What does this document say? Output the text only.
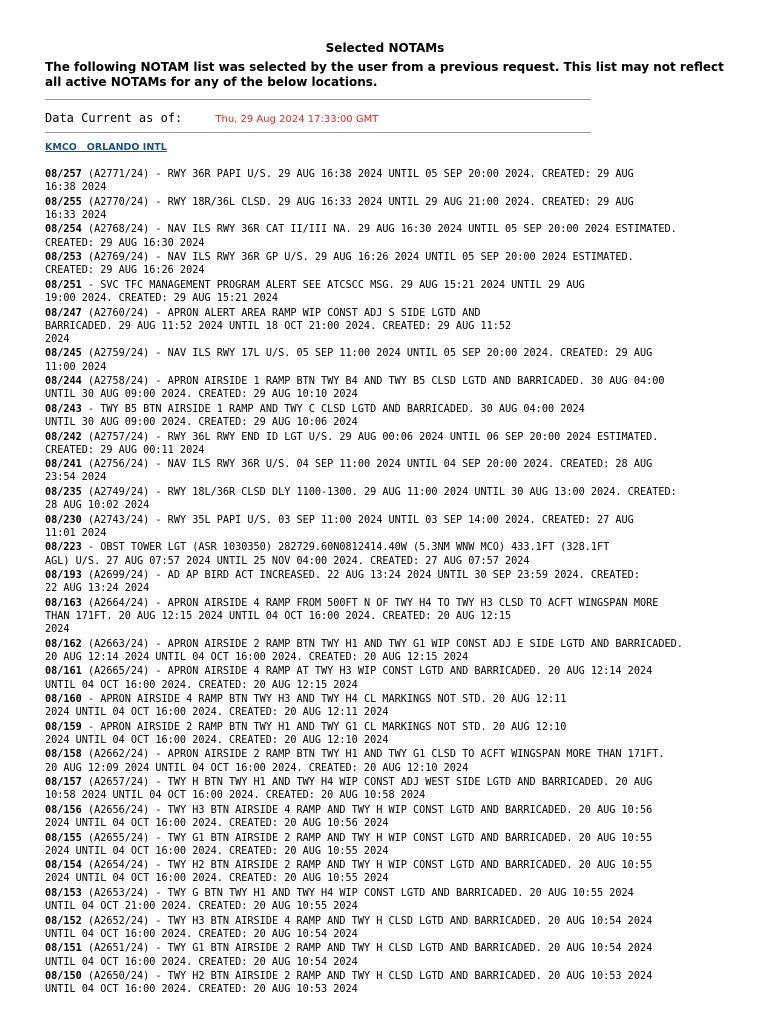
Selected NOTAMs
The following NOTAM list was selected by the user from a previous request. This list may not reflect all active NOTAMs for any of the below locations.
Data Current as of:	Thu, 29 Aug 2024 17:33:00 GMT
KMCO   ORLANDO INTL
08/257 (A2771/24) - RWY 36R PAPI U/S. 29 AUG 16:38 2024 UNTIL 05 SEP 20:00 2024. CREATED: 29 AUG
16:38 2024
08/255 (A2770/24) - RWY 18R/36L CLSD. 29 AUG 16:33 2024 UNTIL 29 AUG 21:00 2024. CREATED: 29 AUG
16:33 2024
08/254 (A2768/24) - NAV ILS RWY 36R CAT II/III NA. 29 AUG 16:30 2024 UNTIL 05 SEP 20:00 2024 ESTIMATED.
CREATED: 29 AUG 16:30 2024
08/253 (A2769/24) - NAV ILS RWY 36R GP U/S. 29 AUG 16:26 2024 UNTIL 05 SEP 20:00 2024 ESTIMATED.
CREATED: 29 AUG 16:26 2024
08/251 - SVC TFC MANAGEMENT PROGRAM ALERT SEE ATCSCC MSG. 29 AUG 15:21 2024 UNTIL 29 AUG
19:00 2024. CREATED: 29 AUG 15:21 2024
08/247 (A2760/24) - APRON ALERT AREA RAMP WIP CONST ADJ S SIDE LGTD AND
BARRICADED. 29 AUG 11:52 2024 UNTIL 18 OCT 21:00 2024. CREATED: 29 AUG 11:52
2024
08/245 (A2759/24) - NAV ILS RWY 17L U/S. 05 SEP 11:00 2024 UNTIL 05 SEP 20:00 2024. CREATED: 29 AUG
11:00 2024
08/244 (A2758/24) - APRON AIRSIDE 1 RAMP BTN TWY B4 AND TWY B5 CLSD LGTD AND BARRICADED. 30 AUG 04:00
UNTIL 30 AUG 09:00 2024. CREATED: 29 AUG 10:10 2024
08/243 - TWY B5 BTN AIRSIDE 1 RAMP AND TWY C CLSD LGTD AND BARRICADED. 30 AUG 04:00 2024
UNTIL 30 AUG 09:00 2024. CREATED: 29 AUG 10:06 2024
08/242 (A2757/24) - RWY 36L RWY END ID LGT U/S. 29 AUG 00:06 2024 UNTIL 06 SEP 20:00 2024 ESTIMATED.
CREATED: 29 AUG 00:11 2024
08/241 (A2756/24) - NAV ILS RWY 36R U/S. 04 SEP 11:00 2024 UNTIL 04 SEP 20:00 2024. CREATED: 28 AUG
23:54 2024
08/235 (A2749/24) - RWY 18L/36R CLSD DLY 1100-1300. 29 AUG 11:00 2024 UNTIL 30 AUG 13:00 2024. CREATED:
28 AUG 10:02 2024
08/230 (A2743/24) - RWY 35L PAPI U/S. 03 SEP 11:00 2024 UNTIL 03 SEP 14:00 2024. CREATED: 27 AUG
11:01 2024
08/223 - OBST TOWER LGT (ASR 1030350) 282729.60N0812414.40W (5.3NM WNW MCO) 433.1FT (328.1FT
AGL) U/S. 27 AUG 07:57 2024 UNTIL 25 NOV 04:00 2024. CREATED: 27 AUG 07:57 2024
08/193 (A2699/24) - AD AP BIRD ACT INCREASED. 22 AUG 13:24 2024 UNTIL 30 SEP 23:59 2024. CREATED:
22 AUG 13:24 2024
08/163 (A2664/24) - APRON AIRSIDE 4 RAMP FROM 500FT N OF TWY H4 TO TWY H3 CLSD TO ACFT WINGSPAN MORE
THAN 171FT. 20 AUG 12:15 2024 UNTIL 04 OCT 16:00 2024. CREATED: 20 AUG 12:15
2024
08/162 (A2663/24) - APRON AIRSIDE 2 RAMP BTN TWY H1 AND TWY G1 WIP CONST ADJ E SIDE LGTD AND BARRICADED.
20 AUG 12:14 2024 UNTIL 04 OCT 16:00 2024. CREATED: 20 AUG 12:15 2024
08/161 (A2665/24) - APRON AIRSIDE 4 RAMP AT TWY H3 WIP CONST LGTD AND BARRICADED. 20 AUG 12:14 2024
UNTIL 04 OCT 16:00 2024. CREATED: 20 AUG 12:15 2024
08/160 - APRON AIRSIDE 4 RAMP BTN TWY H3 AND TWY H4 CL MARKINGS NOT STD. 20 AUG 12:11
2024 UNTIL 04 OCT 16:00 2024. CREATED: 20 AUG 12:11 2024
08/159 - APRON AIRSIDE 2 RAMP BTN TWY H1 AND TWY G1 CL MARKINGS NOT STD. 20 AUG 12:10
2024 UNTIL 04 OCT 16:00 2024. CREATED: 20 AUG 12:10 2024
08/158 (A2662/24) - APRON AIRSIDE 2 RAMP BTN TWY H1 AND TWY G1 CLSD TO ACFT WINGSPAN MORE THAN 171FT.
20 AUG 12:09 2024 UNTIL 04 OCT 16:00 2024. CREATED: 20 AUG 12:10 2024
08/157 (A2657/24) - TWY H BTN TWY H1 AND TWY H4 WIP CONST ADJ WEST SIDE LGTD AND BARRICADED. 20 AUG
10:58 2024 UNTIL 04 OCT 16:00 2024. CREATED: 20 AUG 10:58 2024
08/156 (A2656/24) - TWY H3 BTN AIRSIDE 4 RAMP AND TWY H WIP CONST LGTD AND BARRICADED. 20 AUG 10:56
2024 UNTIL 04 OCT 16:00 2024. CREATED: 20 AUG 10:56 2024
08/155 (A2655/24) - TWY G1 BTN AIRSIDE 2 RAMP AND TWY H WIP CONST LGTD AND BARRICADED. 20 AUG 10:55
2024 UNTIL 04 OCT 16:00 2024. CREATED: 20 AUG 10:55 2024
08/154 (A2654/24) - TWY H2 BTN AIRSIDE 2 RAMP AND TWY H WIP CONST LGTD AND BARRICADED. 20 AUG 10:55
2024 UNTIL 04 OCT 16:00 2024. CREATED: 20 AUG 10:55 2024
08/153 (A2653/24) - TWY G BTN TWY H1 AND TWY H4 WIP CONST LGTD AND BARRICADED. 20 AUG 10:55 2024
UNTIL 04 OCT 21:00 2024. CREATED: 20 AUG 10:55 2024
08/152 (A2652/24) - TWY H3 BTN AIRSIDE 4 RAMP AND TWY H CLSD LGTD AND BARRICADED. 20 AUG 10:54 2024
UNTIL 04 OCT 16:00 2024. CREATED: 20 AUG 10:54 2024
08/151 (A2651/24) - TWY G1 BTN AIRSIDE 2 RAMP AND TWY H CLSD LGTD AND BARRICADED. 20 AUG 10:54 2024
UNTIL 04 OCT 16:00 2024. CREATED: 20 AUG 10:54 2024
08/150 (A2650/24) - TWY H2 BTN AIRSIDE 2 RAMP AND TWY H CLSD LGTD AND BARRICADED. 20 AUG 10:53 2024
UNTIL 04 OCT 16:00 2024. CREATED: 20 AUG 10:53 2024
